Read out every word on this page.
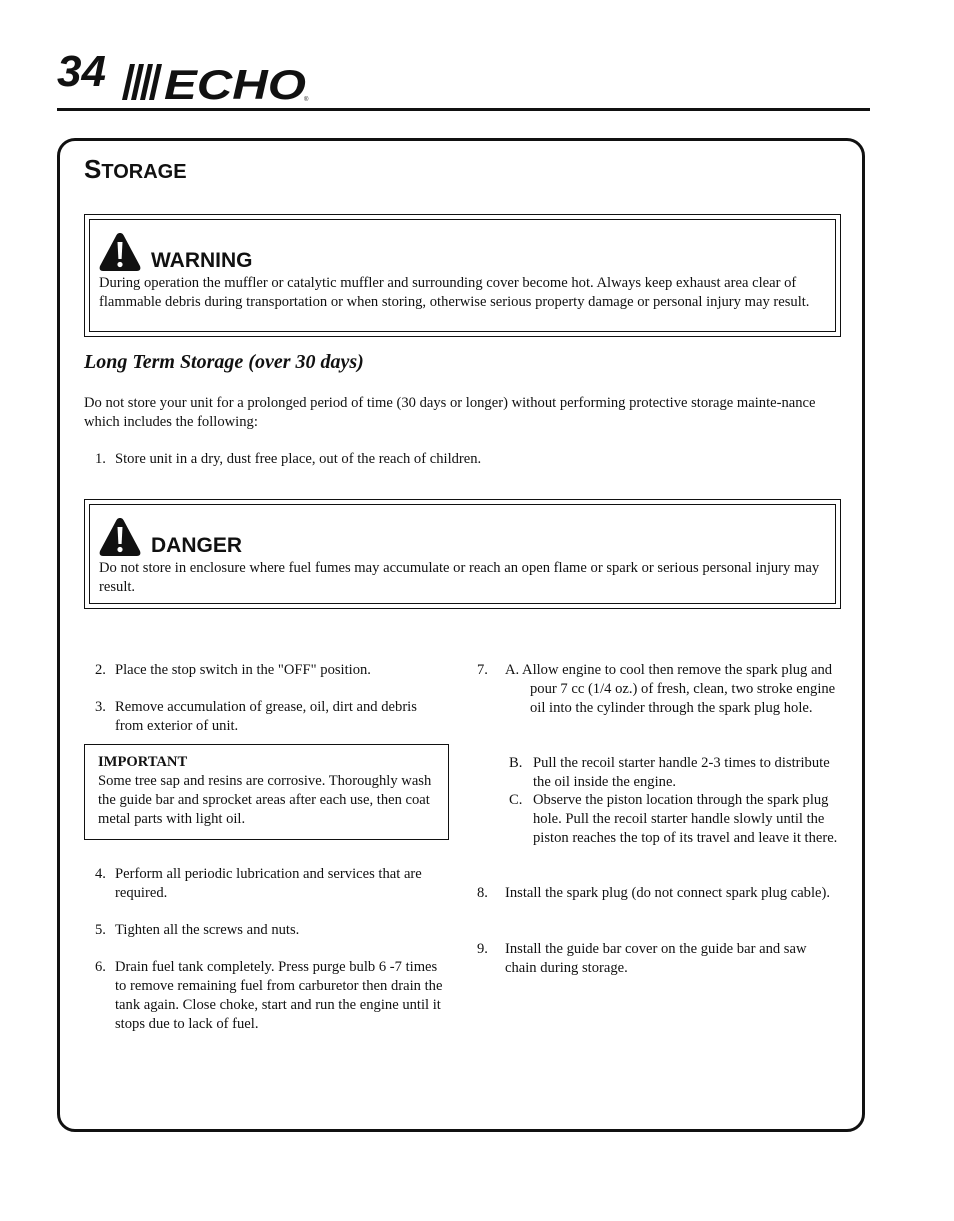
34 ECHO
®
STORAGE
WARNING
During operation the muffler or catalytic muffler and surrounding cover become hot. Always keep exhaust area clear of flammable debris during transportation or when storing, otherwise serious property damage or personal injury may result.
Long Term Storage (over 30 days)
Do not store your unit for a prolonged period of time (30 days or longer) without performing protective storage mainte-nance which includes the following:
1. Store unit in a dry, dust free place, out of the reach of children.
DANGER
Do not store in enclosure where fuel fumes may accumulate or reach an open flame or spark or serious personal injury may result.
2. Place the stop switch in the "OFF" position.
3. Remove accumulation of grease, oil, dirt and debris from exterior of unit.
IMPORTANT
Some tree sap and resins are corrosive. Thoroughly wash the guide bar and sprocket areas after each use, then coat metal parts with light oil.
4. Perform all periodic lubrication and services that are required.
5. Tighten all the screws and nuts.
6. Drain fuel tank completely. Press purge bulb 6 -7 times to remove remaining fuel from carburetor then drain the tank again. Close choke, start and run the engine until it stops due to lack of fuel.
7.	A. Allow engine to cool then remove the spark plug and pour 7 cc (1/4 oz.) of fresh, clean, two stroke engine oil into the cylinder through the spark plug hole.
B. Pull the recoil starter handle 2-3 times to distribute the oil inside the engine.
C. Observe the piston location through the spark plug hole. Pull the recoil starter handle slowly until the piston reaches the top of its travel and leave it there.
8.	Install the spark plug (do not connect spark plug cable).
9.	Install the guide bar cover on the guide bar and saw chain during storage.
